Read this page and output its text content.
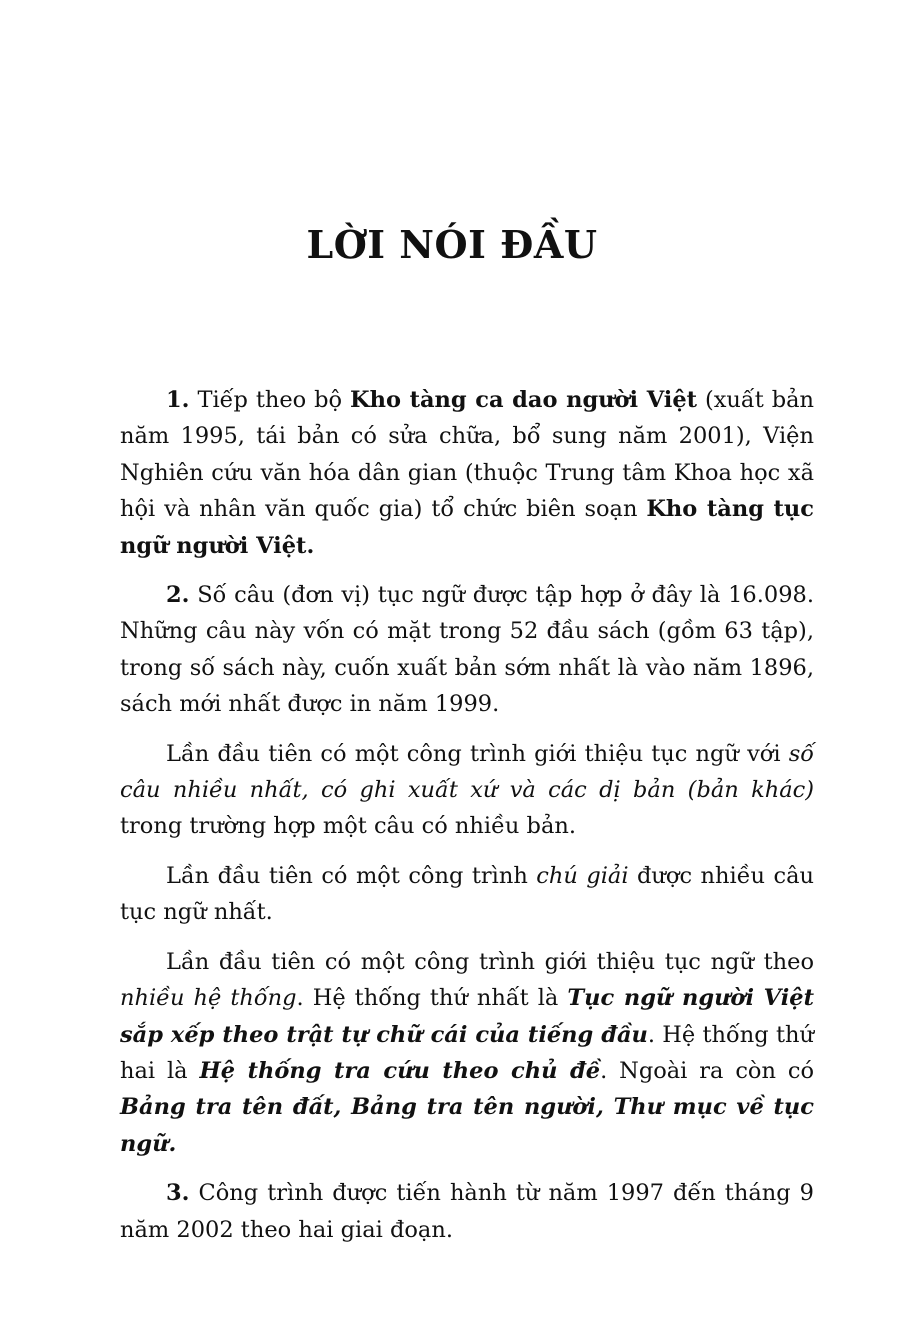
LỜI NÓI ĐẦU

1. Tiếp theo bộ Kho tàng ca dao người Việt (xuất bản năm 1995, tái bản có sửa chữa, bổ sung năm 2001), Viện Nghiên cứu văn hóa dân gian (thuộc Trung tâm Khoa học xã hội và nhân văn quốc gia) tổ chức biên soạn Kho tàng tục ngữ người Việt.

2. Số câu (đơn vị) tục ngữ được tập hợp ở đây là 16.098. Những câu này vốn có mặt trong 52 đầu sách (gồm 63 tập), trong số sách này, cuốn xuất bản sớm nhất là vào năm 1896, sách mới nhất được in năm 1999.

Lần đầu tiên có một công trình giới thiệu tục ngữ với số câu nhiều nhất, có ghi xuất xứ và các dị bản (bản khác) trong trường hợp một câu có nhiều bản.

Lần đầu tiên có một công trình chú giải được nhiều câu tục ngữ nhất.

Lần đầu tiên có một công trình giới thiệu tục ngữ theo nhiều hệ thống. Hệ thống thứ nhất là Tục ngữ người Việt sắp xếp theo trật tự chữ cái của tiếng đầu. Hệ thống thứ hai là Hệ thống tra cứu theo chủ đề. Ngoài ra còn có Bảng tra tên đất, Bảng tra tên người, Thư mục về tục ngữ.

3. Công trình được tiến hành từ năm 1997 đến tháng 9 năm 2002 theo hai giai đoạn.
